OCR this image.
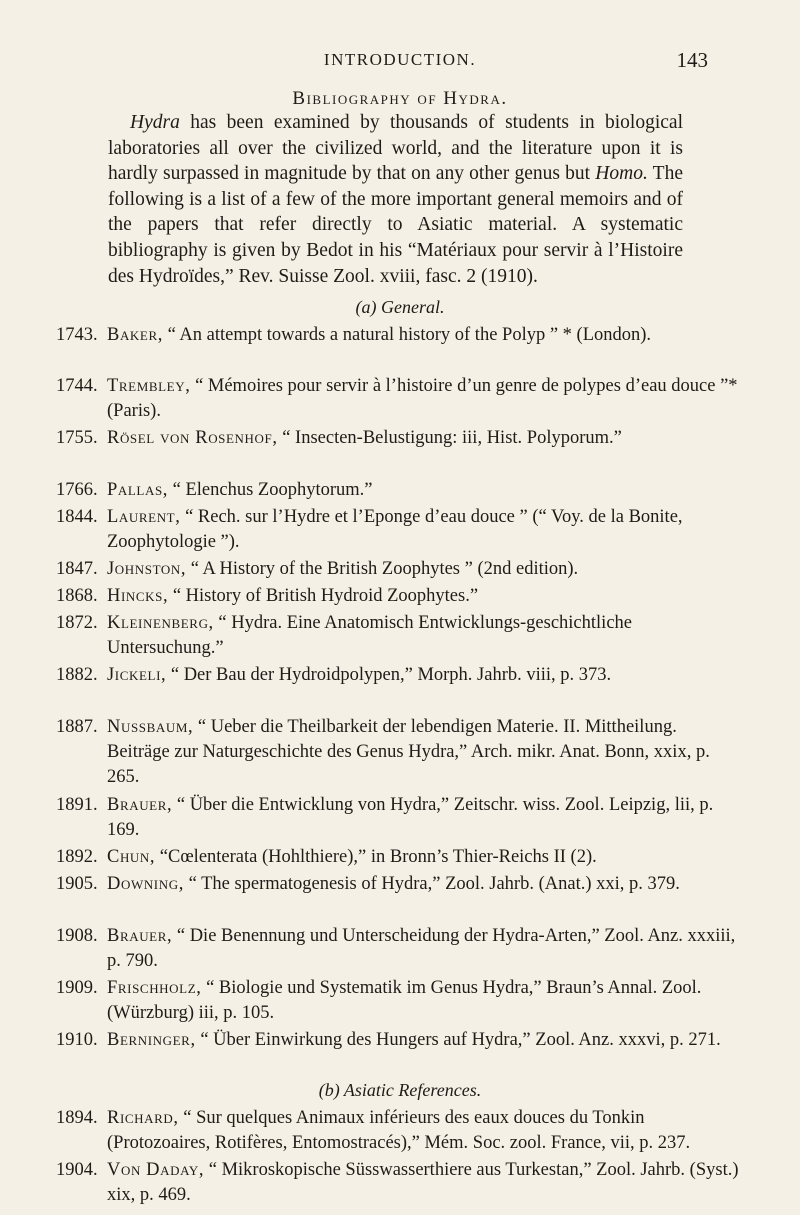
INTRODUCTION.	143
Bibliography of Hydra.

Hydra has been examined by thousands of students in biological laboratories all over the civilized world, and the literature upon it is hardly surpassed in magnitude by that on any other genus but Homo. The following is a list of a few of the more important general memoirs and of the papers that refer directly to Asiatic material. A systematic bibliography is given by Bedot in his “Matériaux pour servir à l’Histoire des Hydroïdes,” Rev. Suisse Zool. xviii, fasc. 2 (1910).

(a) General.
1743. Baker, “ An attempt towards a natural history of the Polyp ” * (London).
1744. Trembley, “ Mémoires pour servir à l’histoire d’un genre de polypes d’eau douce ”* (Paris).
1755. Rösel von Rosenhof, “ Insecten-Belustigung: iii, Hist. Polyporum.”
1766. Pallas, “ Elenchus Zoophytorum.”
1844. Laurent, “ Rech. sur l’Hydre et l’Eponge d’eau douce ” (“ Voy. de la Bonite, Zoophytologie ”).
1847. Johnston, “ A History of the British Zoophytes ” (2nd edition).
1868. Hincks, “ History of British Hydroid Zoophytes.”
1872. Kleinenberg, “ Hydra. Eine Anatomisch Entwicklungs-geschichtliche Untersuchung.”
1882. Jickeli, “ Der Bau der Hydroidpolypen,” Morph. Jahrb. viii, p. 373.
1887. Nussbaum, “ Ueber die Theilbarkeit der lebendigen Materie. II. Mittheilung. Beiträge zur Naturgeschichte des Genus Hydra,” Arch. mikr. Anat. Bonn, xxix, p. 265.
1891. Brauer, “ Über die Entwicklung von Hydra,” Zeitschr. wiss. Zool. Leipzig, lii, p. 169.
1892. Chun, “Cœlenterata (Hohlthiere),” in Bronn’s Thier-Reichs II (2).
1905. Downing, “ The spermatogenesis of Hydra,” Zool. Jahrb. (Anat.) xxi, p. 379.
1908. Brauer, “ Die Benennung und Unterscheidung der Hydra-Arten,” Zool. Anz. xxxiii, p. 790.
1909. Frischholz, “ Biologie und Systematik im Genus Hydra,” Braun’s Annal. Zool. (Würzburg) iii, p. 105.
1910. Berninger, “ Über Einwirkung des Hungers auf Hydra,” Zool. Anz. xxxvi, p. 271.
(b) Asiatic References.
1894. Richard, “ Sur quelques Animaux inférieurs des eaux douces du Tonkin (Protozoaires, Rotifères, Entomostracés),” Mém. Soc. zool. France, vii, p. 237.
1904. Von Daday, “ Mikroskopische Süsswasserthiere aus Turkestan,” Zool. Jahrb. (Syst.) xix, p. 469.
